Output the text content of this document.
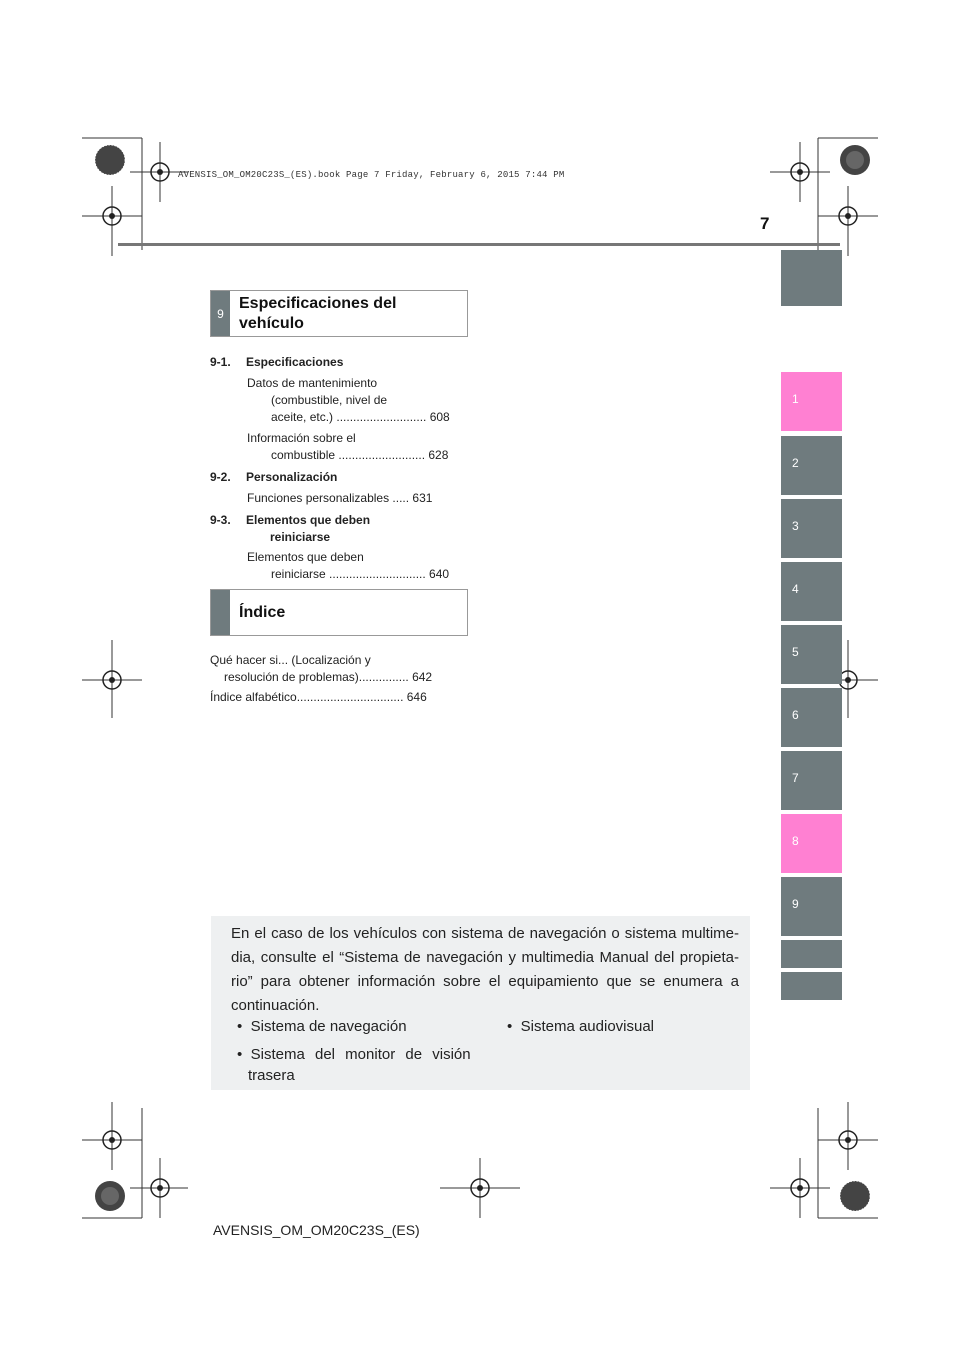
AVENSIS_OM_OM20C23S_(ES).book Page 7 Friday, February 6, 2015 7:44 PM
7
1
2
3
4
5
6
7
8
9
9
Especificaciones del
vehículo
9-1. Especificaciones
Datos de mantenimiento
(combustible, nivel de
aceite, etc.) ........................... 608
Información sobre el
combustible .......................... 628
9-2. Personalización
Funciones personalizables ..... 631
9-3. Elementos que deben
reiniciarse
Elementos que deben
reiniciarse ............................. 640
Índice
Qué hacer si... (Localización y
resolución de problemas)............... 642
Índice alfabético................................ 646
En el caso de los vehículos con sistema de navegación o sistema multime-dia, consulte el “Sistema de navegación y multimedia Manual del propieta-rio” para obtener información sobre el equipamiento que se enumera a continuación.
• Sistema de navegación	• Sistema audiovisual
• Sistema del monitor de visión
trasera
AVENSIS_OM_OM20C23S_(ES)
